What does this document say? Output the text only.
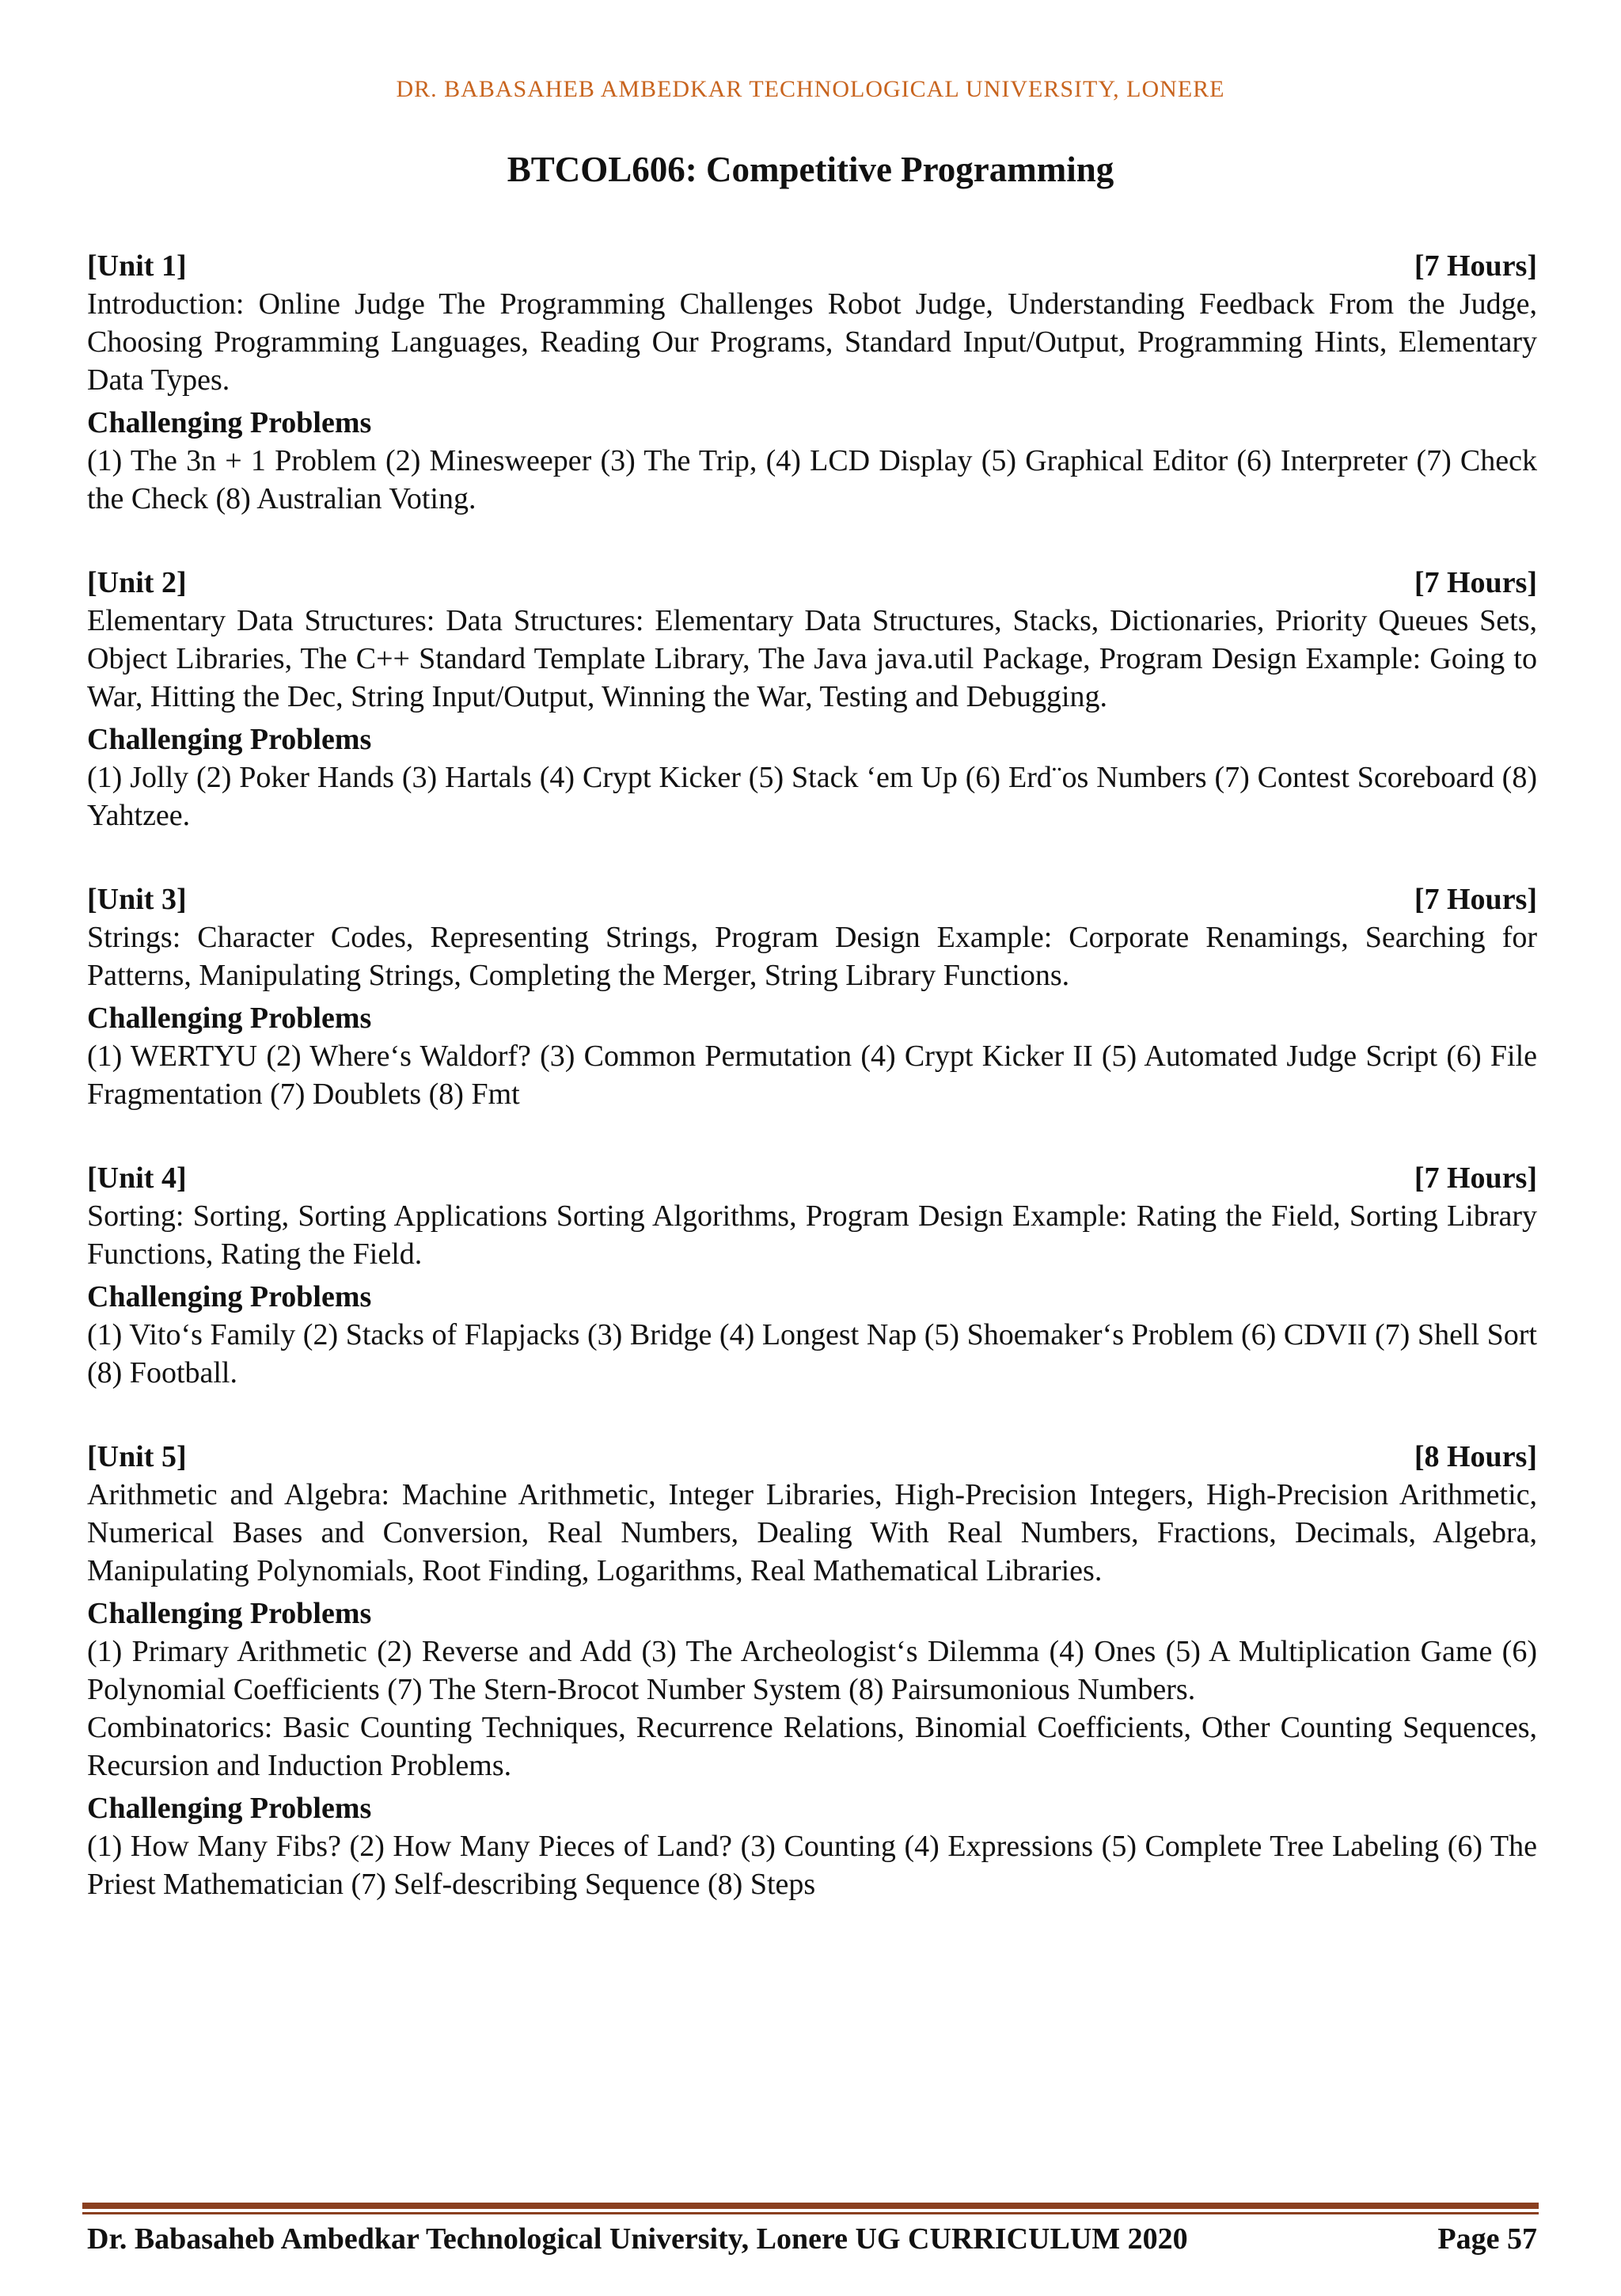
DR. BABASAHEB AMBEDKAR TECHNOLOGICAL UNIVERSITY, LONERE
BTCOL606: Competitive Programming
[Unit 1]	[7 Hours]
Introduction: Online Judge The Programming Challenges Robot Judge, Understanding Feedback From the Judge, Choosing Programming Languages, Reading Our Programs, Standard Input/Output, Programming Hints, Elementary Data Types.
Challenging Problems
(1) The 3n + 1 Problem (2) Minesweeper (3) The Trip, (4) LCD Display (5) Graphical Editor (6) Interpreter (7) Check the Check (8) Australian Voting.
[Unit 2]	[7 Hours]
Elementary Data Structures: Data Structures: Elementary Data Structures, Stacks, Dictionaries, Priority Queues Sets, Object Libraries, The C++ Standard Template Library, The Java java.util Package, Program Design Example: Going to War, Hitting the Dec, String Input/Output, Winning the War, Testing and Debugging.
Challenging Problems
(1) Jolly (2) Poker Hands (3) Hartals (4) Crypt Kicker (5) Stack ‘em Up (6) Erd¨os Numbers (7) Contest Scoreboard (8) Yahtzee.
[Unit 3]	[7 Hours]
Strings: Character Codes, Representing Strings, Program Design Example: Corporate Renamings, Searching for Patterns, Manipulating Strings, Completing the Merger, String Library Functions.
Challenging Problems
(1) WERTYU (2) Where‘s Waldorf? (3) Common Permutation (4) Crypt Kicker II (5) Automated Judge Script (6) File Fragmentation (7) Doublets (8) Fmt
[Unit 4]	[7 Hours]
Sorting: Sorting, Sorting Applications Sorting Algorithms, Program Design Example: Rating the Field, Sorting Library Functions, Rating the Field.
Challenging Problems
(1) Vito‘s Family (2) Stacks of Flapjacks (3) Bridge (4) Longest Nap (5) Shoemaker‘s Problem (6) CDVII (7) Shell Sort (8) Football.
[Unit 5]	[8 Hours]
Arithmetic and Algebra: Machine Arithmetic, Integer Libraries, High-Precision Integers, High-Precision Arithmetic, Numerical Bases and Conversion, Real Numbers, Dealing With Real Numbers, Fractions, Decimals, Algebra, Manipulating Polynomials, Root Finding, Logarithms, Real Mathematical Libraries.
Challenging Problems
(1) Primary Arithmetic (2) Reverse and Add (3) The Archeologist‘s Dilemma (4) Ones (5) A Multiplication Game (6) Polynomial Coefficients (7) The Stern-Brocot Number System (8) Pairsumonious Numbers.
Combinatorics: Basic Counting Techniques, Recurrence Relations, Binomial Coefficients, Other Counting Sequences, Recursion and Induction Problems.
Challenging Problems
(1) How Many Fibs? (2) How Many Pieces of Land? (3) Counting (4) Expressions (5) Complete Tree Labeling (6) The Priest Mathematician (7) Self-describing Sequence (8) Steps
Dr. Babasaheb Ambedkar Technological University, Lonere UG CURRICULUM 2020	Page 57
